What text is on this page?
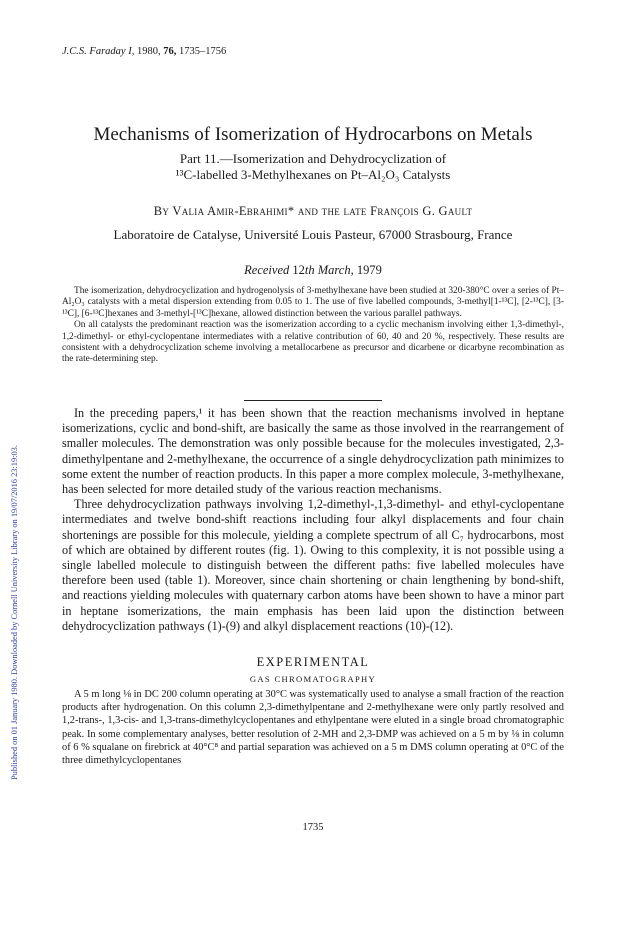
Published on 01 January 1980. Downloaded by Cornell University Library on 19/07/2016 23:19:03.
J.C.S. Faraday I, 1980, 76, 1735–1756
Mechanisms of Isomerization of Hydrocarbons on Metals
Part 11.—Isomerization and Dehydrocyclization of
¹³C-labelled 3-Methylhexanes on Pt–Al₂O₃ Catalysts
By Valia Amir-Ebrahimi* and the late François G. Gault
Laboratoire de Catalyse, Université Louis Pasteur, 67000 Strasbourg, France
Received 12th March, 1979

The isomerization, dehydrocyclization and hydrogenolysis of 3-methylhexane have been studied at 320-380°C over a series of Pt–Al₂O₃ catalysts with a metal dispersion extending from 0.05 to 1. The use of five labelled compounds, 3-methyl[1-¹³C], [2-¹³C], [3-¹³C], [6-¹³C]hexanes and 3-methyl-[¹³C]hexane, allowed distinction between the various parallel pathways.

On all catalysts the predominant reaction was the isomerization according to a cyclic mechanism involving either 1,3-dimethyl-, 1,2-dimethyl- or ethyl-cyclopentane intermediates with a relative contribution of 60, 40 and 20 %, respectively. These results are consistent with a dehydrocyclization scheme involving a metallocarbene as precursor and dicarbene or dicarbyne recombination as the rate-determining step.

In the preceding papers,¹ it has been shown that the reaction mechanisms involved in heptane isomerizations, cyclic and bond-shift, are basically the same as those involved in the rearrangement of smaller molecules. The demonstration was only possible because for the molecules investigated, 2,3-dimethylpentane and 2-methylhexane, the occurrence of a single dehydrocyclization path minimizes to some extent the number of reaction products. In this paper a more complex molecule, 3-methylhexane, has been selected for more detailed study of the various reaction mechanisms.

Three dehydrocyclization pathways involving 1,2-dimethyl-,1,3-dimethyl- and ethyl-cyclopentane intermediates and twelve bond-shift reactions including four alkyl displacements and four chain shortenings are possible for this molecule, yielding a complete spectrum of all C₇ hydrocarbons, most of which are obtained by different routes (fig. 1). Owing to this complexity, it is not possible using a single labelled molecule to distinguish between the different paths: five labelled molecules have therefore been used (table 1). Moreover, since chain shortening or chain lengthening by bond-shift, and reactions yielding molecules with quaternary carbon atoms have been shown to have a minor part in heptane isomerizations, the main emphasis has been laid upon the distinction between dehydrocyclization pathways (1)-(9) and alkyl displacement reactions (10)-(12).

EXPERIMENTAL
GAS CHROMATOGRAPHY

A 5 m long ⅛ in DC 200 column operating at 30°C was systematically used to analyse a small fraction of the reaction products after hydrogenation. On this column 2,3-dimethylpentane and 2-methylhexane were only partly resolved and 1,2-trans-, 1,3-cis- and 1,3-trans-dimethylcyclopentanes and ethylpentane were eluted in a single broad chromatographic peak. In some complementary analyses, better resolution of 2-MH and 2,3-DMP was achieved on a 5 m by ⅛ in column of 6 % squalane on firebrick at 40°C⁸ and partial separation was achieved on a 5 m DMS column operating at 0°C of the three dimethylcyclopentanes

1735
